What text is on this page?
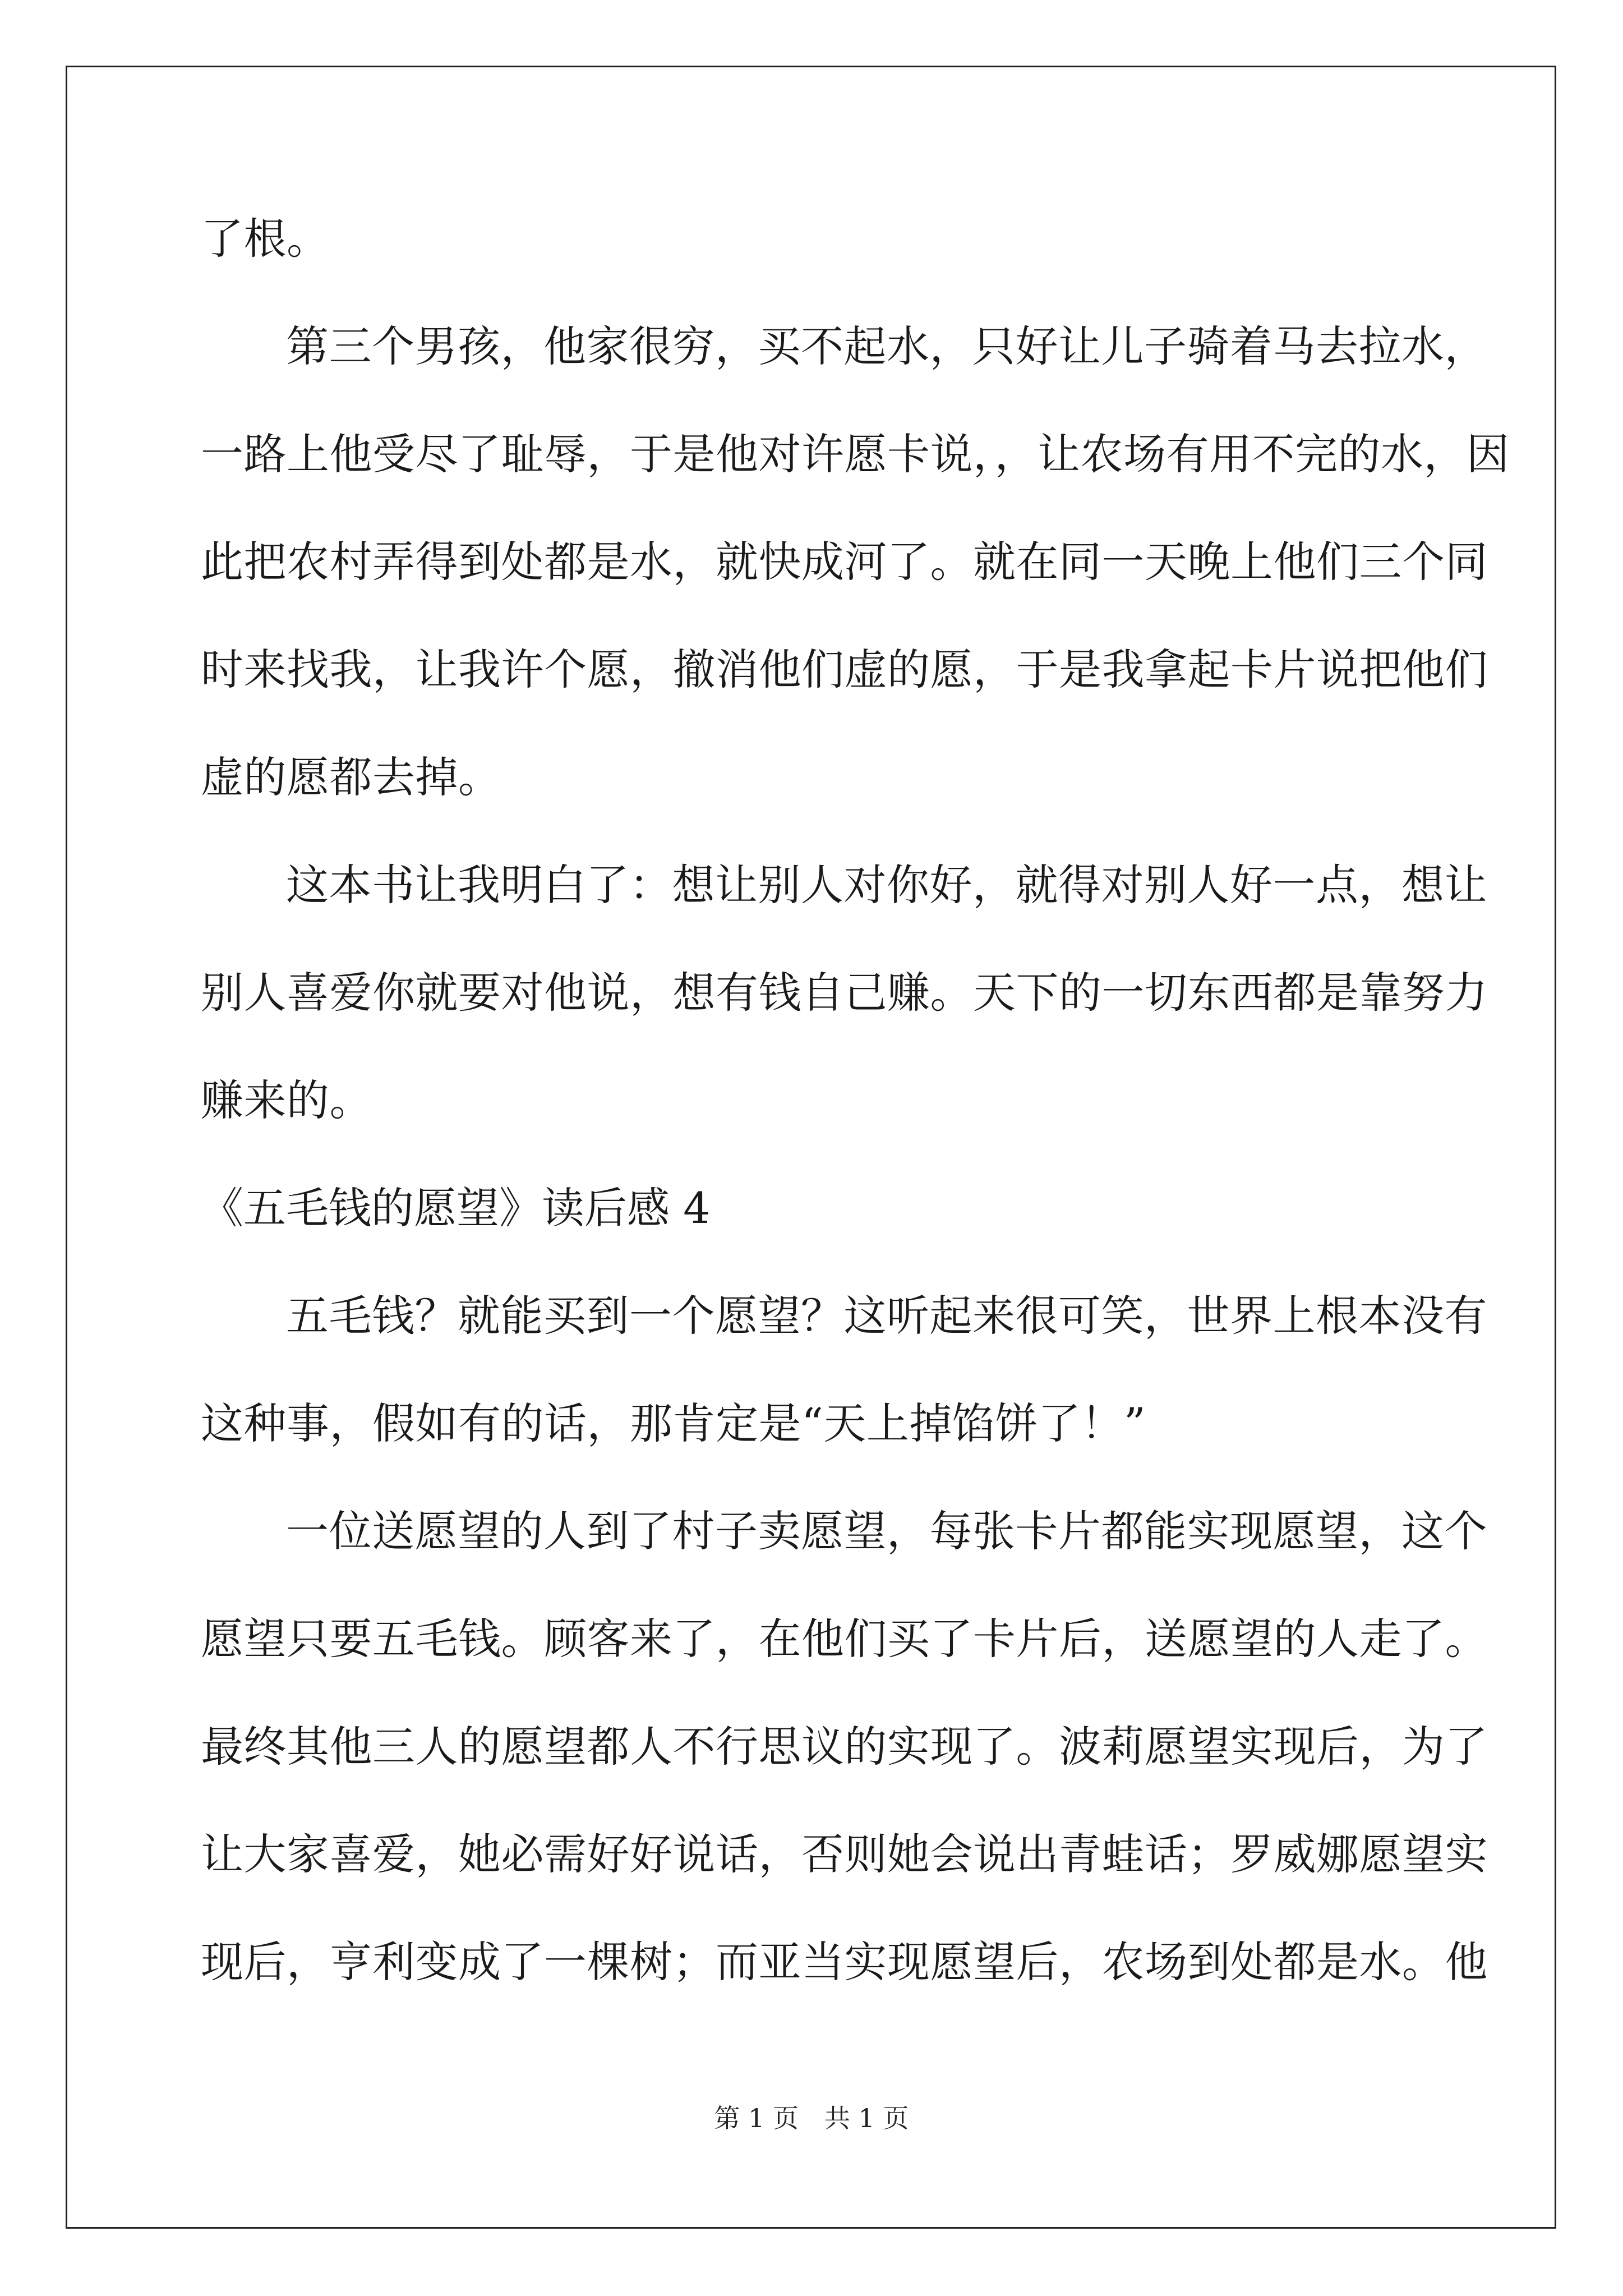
了根。
第三个男孩，他家很穷，买不起水，只好让儿子骑着马去拉水，
一路上他受尽了耻辱，于是他对许愿卡说，，让农场有用不完的水，因
此把农村弄得到处都是水，就快成河了。就在同一天晚上他们三个同
时来找我，让我许个愿，撤消他们虚的愿，于是我拿起卡片说把他们
虚的愿都去掉。
这本书让我明白了：想让别人对你好，就得对别人好一点，想让
别人喜爱你就要对他说，想有钱自己赚。天下的一切东西都是靠努力
赚来的。
《五毛钱的愿望》读后感 4
五毛钱？就能买到一个愿望？这听起来很可笑，世界上根本没有
这种事，假如有的话，那肯定是“天上掉馅饼了！”
一位送愿望的人到了村子卖愿望，每张卡片都能实现愿望，这个
愿望只要五毛钱。顾客来了，在他们买了卡片后，送愿望的人走了。
最终其他三人的愿望都人不行思议的实现了。波莉愿望实现后，为了
让大家喜爱，她必需好好说话，否则她会说出青蛙话；罗威娜愿望实
现后，亨利变成了一棵树；而亚当实现愿望后，农场到处都是水。他
第 1 页 共 1 页
